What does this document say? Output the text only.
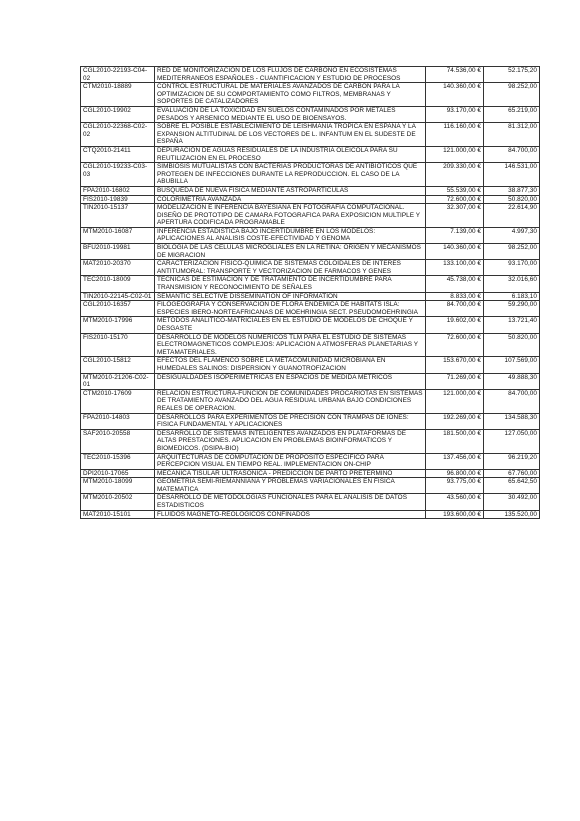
CGL2010-22193-C04-02	RED DE MONITORIZACION DE LOS FLUJOS DE CARBONO EN ECOSISTEMAS MEDITERRANEOS ESPAÑOLES - CUANTIFICACION Y ESTUDIO DE PROCESOS	74.536,00 €	52.175,20
CTM2010-18889	CONTROL ESTRUCTURAL DE MATERIALES AVANZADOS DE CARBON PARA LA OPTIMIZACION DE SU COMPORTAMIENTO COMO FILTROS, MEMBRANAS Y SOPORTES DE CATALIZADORES	140.360,00 €	98.252,00
CGL2010-19902	EVALUACION DE LA TOXICIDAD EN SUELOS CONTAMINADOS POR METALES PESADOS Y ARSENICO MEDIANTE EL USO DE BIOENSAYOS.	93.170,00 €	65.219,00
CGL2010-22368-C02-02	SOBRE EL POSIBLE ESTABLECIMIENTO DE LEISHMANIA TROPICA EN ESPAÑA Y LA EXPANSION ALTITUDINAL DE LOS VECTORES DE L. INFANTUM EN EL SUDESTE DE ESPAÑA	116.160,00 €	81.312,00
CTQ2010-21411	DEPURACION DE AGUAS RESIDUALES DE LA INDUSTRIA OLEICOLA PARA SU REUTILIZACION EN EL PROCESO	121.000,00 €	84.700,00
CGL2010-19233-C03-03	SIMBIOSIS MUTUALISTAS CON BACTERIAS PRODUCTORAS DE ANTIBIOTICOS QUE PROTEGEN DE INFECCIONES DURANTE LA REPRODUCCION. EL CASO DE LA ABUBILLA	209.330,00 €	146.531,00
FPA2010-16802	BUSQUEDA DE NUEVA FISICA MEDIANTE ASTROPARTICULAS	55.539,00 €	38.877,30
FIS2010-19839	COLORIMETRIA AVANZADA	72.600,00 €	50.820,00
TIN2010-15137	MODELIZACION E INFERENCIA BAYESIANA EN FOTOGRAFIA COMPUTACIONAL. DISEÑO DE PROTOTIPO DE CAMARA FOTOGRAFICA PARA EXPOSICION MULTIPLE Y APERTURA CODIFICADA PROGRAMABLE	32.307,00 €	22.614,90
MTM2010-16087	INFERENCIA ESTADISTICA BAJO INCERTIDUMBRE EN LOS MODELOS: APLICACIONES AL ANALISIS COSTE-EFECTIVIDAD Y GENOMA	7.139,00 €	4.997,30
BFU2010-19981	BIOLOGIA DE LAS CELULAS MICROGLIALES EN LA RETINA: ORIGEN Y MECANISMOS DE MIGRACION	140.360,00 €	98.252,00
MAT2010-20370	CARACTERIZACION FISICO-QUIMICA DE SISTEMAS COLOIDALES DE INTERES ANTITUMORAL: TRANSPORTE Y VECTORIZACION DE FARMACOS Y GENES	133.100,00 €	93.170,00
TEC2010-18009	TECNICAS DE ESTIMACION Y DE TRATAMIENTO DE INCERTIDUMBRE PARA TRANSMISION Y RECONOCIMIENTO DE SEÑALES	45.738,00 €	32.016,60
TIN2010-22145-C02-01	SEMANTIC SELECTIVE DISSEMINATION OF INFORMATION	8.833,00 €	6.183,10
CGL2010-16357	FILOGEOGRAFIA Y CONSERVACION DE FLORA ENDEMICA DE HABITATS ISLA: ESPECIES IBERO-NORTEAFRICANAS DE MOEHRINGIA SECT. PSEUDOMOEHRINGIA	84.700,00 €	59.290,00
MTM2010-17996	METODOS ANALITICO-MATRICIALES EN EL ESTUDIO DE MODELOS DE CHOQUE Y DESGASTE	19.602,00 €	13.721,40
FIS2010-15170	DESARROLLO DE MODELOS NUMERICOS TLM PARA EL ESTUDIO DE SISTEMAS ELECTROMAGNETICOS COMPLEJOS: APLICACION A ATMOSFERAS PLANETARIAS Y METAMATERIALES.	72.600,00 €	50.820,00
CGL2010-15812	EFECTOS DEL FLAMENCO SOBRE LA METACOMUNIDAD MICROBIANA EN HUMEDALES SALINOS: DISPERSION Y GUANOTROFIZACION	153.670,00 €	107.569,00
MTM2010-21206-C02-01	DESIGUALDADES ISOPERIMETRICAS EN ESPACIOS DE MEDIDA METRICOS	71.269,00 €	49.888,30
CTM2010-17609	RELACION ESTRUCTURA-FUNCION DE COMUNIDADES PROCARIOTAS EN SISTEMAS DE TRATAMIENTO AVANZADO DEL AGUA RESIDUAL URBANA BAJO CONDICIONES REALES DE OPERACION.	121.000,00 €	84.700,00
FPA2010-14803	DESARROLLOS PARA EXPERIMENTOS DE PRECISION CON TRAMPAS DE IONES: FISICA FUNDAMENTAL Y APLICACIONES	192.269,00 €	134.588,30
SAF2010-20558	DESARROLLO DE SISTEMAS INTELIGENTES AVANZADOS EN PLATAFORMAS DE ALTAS PRESTACIONES. APLICACION EN PROBLEMAS BIOINFORMATICOS Y BIOMEDICOS. (DSIPA-BIO)	181.500,00 €	127.050,00
TEC2010-15396	ARQUITECTURAS DE COMPUTACION DE PROPOSITO ESPECIFICO PARA PERCEPCION VISUAL EN TIEMPO REAL. IMPLEMENTACION ON-CHIP	137.456,00 €	96.219,20
DPI2010-17065	MECANICA TISULAR ULTRASONICA - PREDICCION DE PARTO PRETERMINO	96.800,00 €	67.760,00
MTM2010-18099	GEOMETRIA SEMI-RIEMANNIANA Y PROBLEMAS VARIACIONALES EN FISICA MATEMATICA	93.775,00 €	65.642,50
MTM2010-20502	DESARROLLO DE METODOLOGIAS FUNCIONALES PARA EL ANALISIS DE DATOS ESTADISTICOS	43.560,00 €	30.492,00
MAT2010-15101	FLUIDOS MAGNETO-REOLOGICOS CONFINADOS	193.600,00 €	135.520,00
